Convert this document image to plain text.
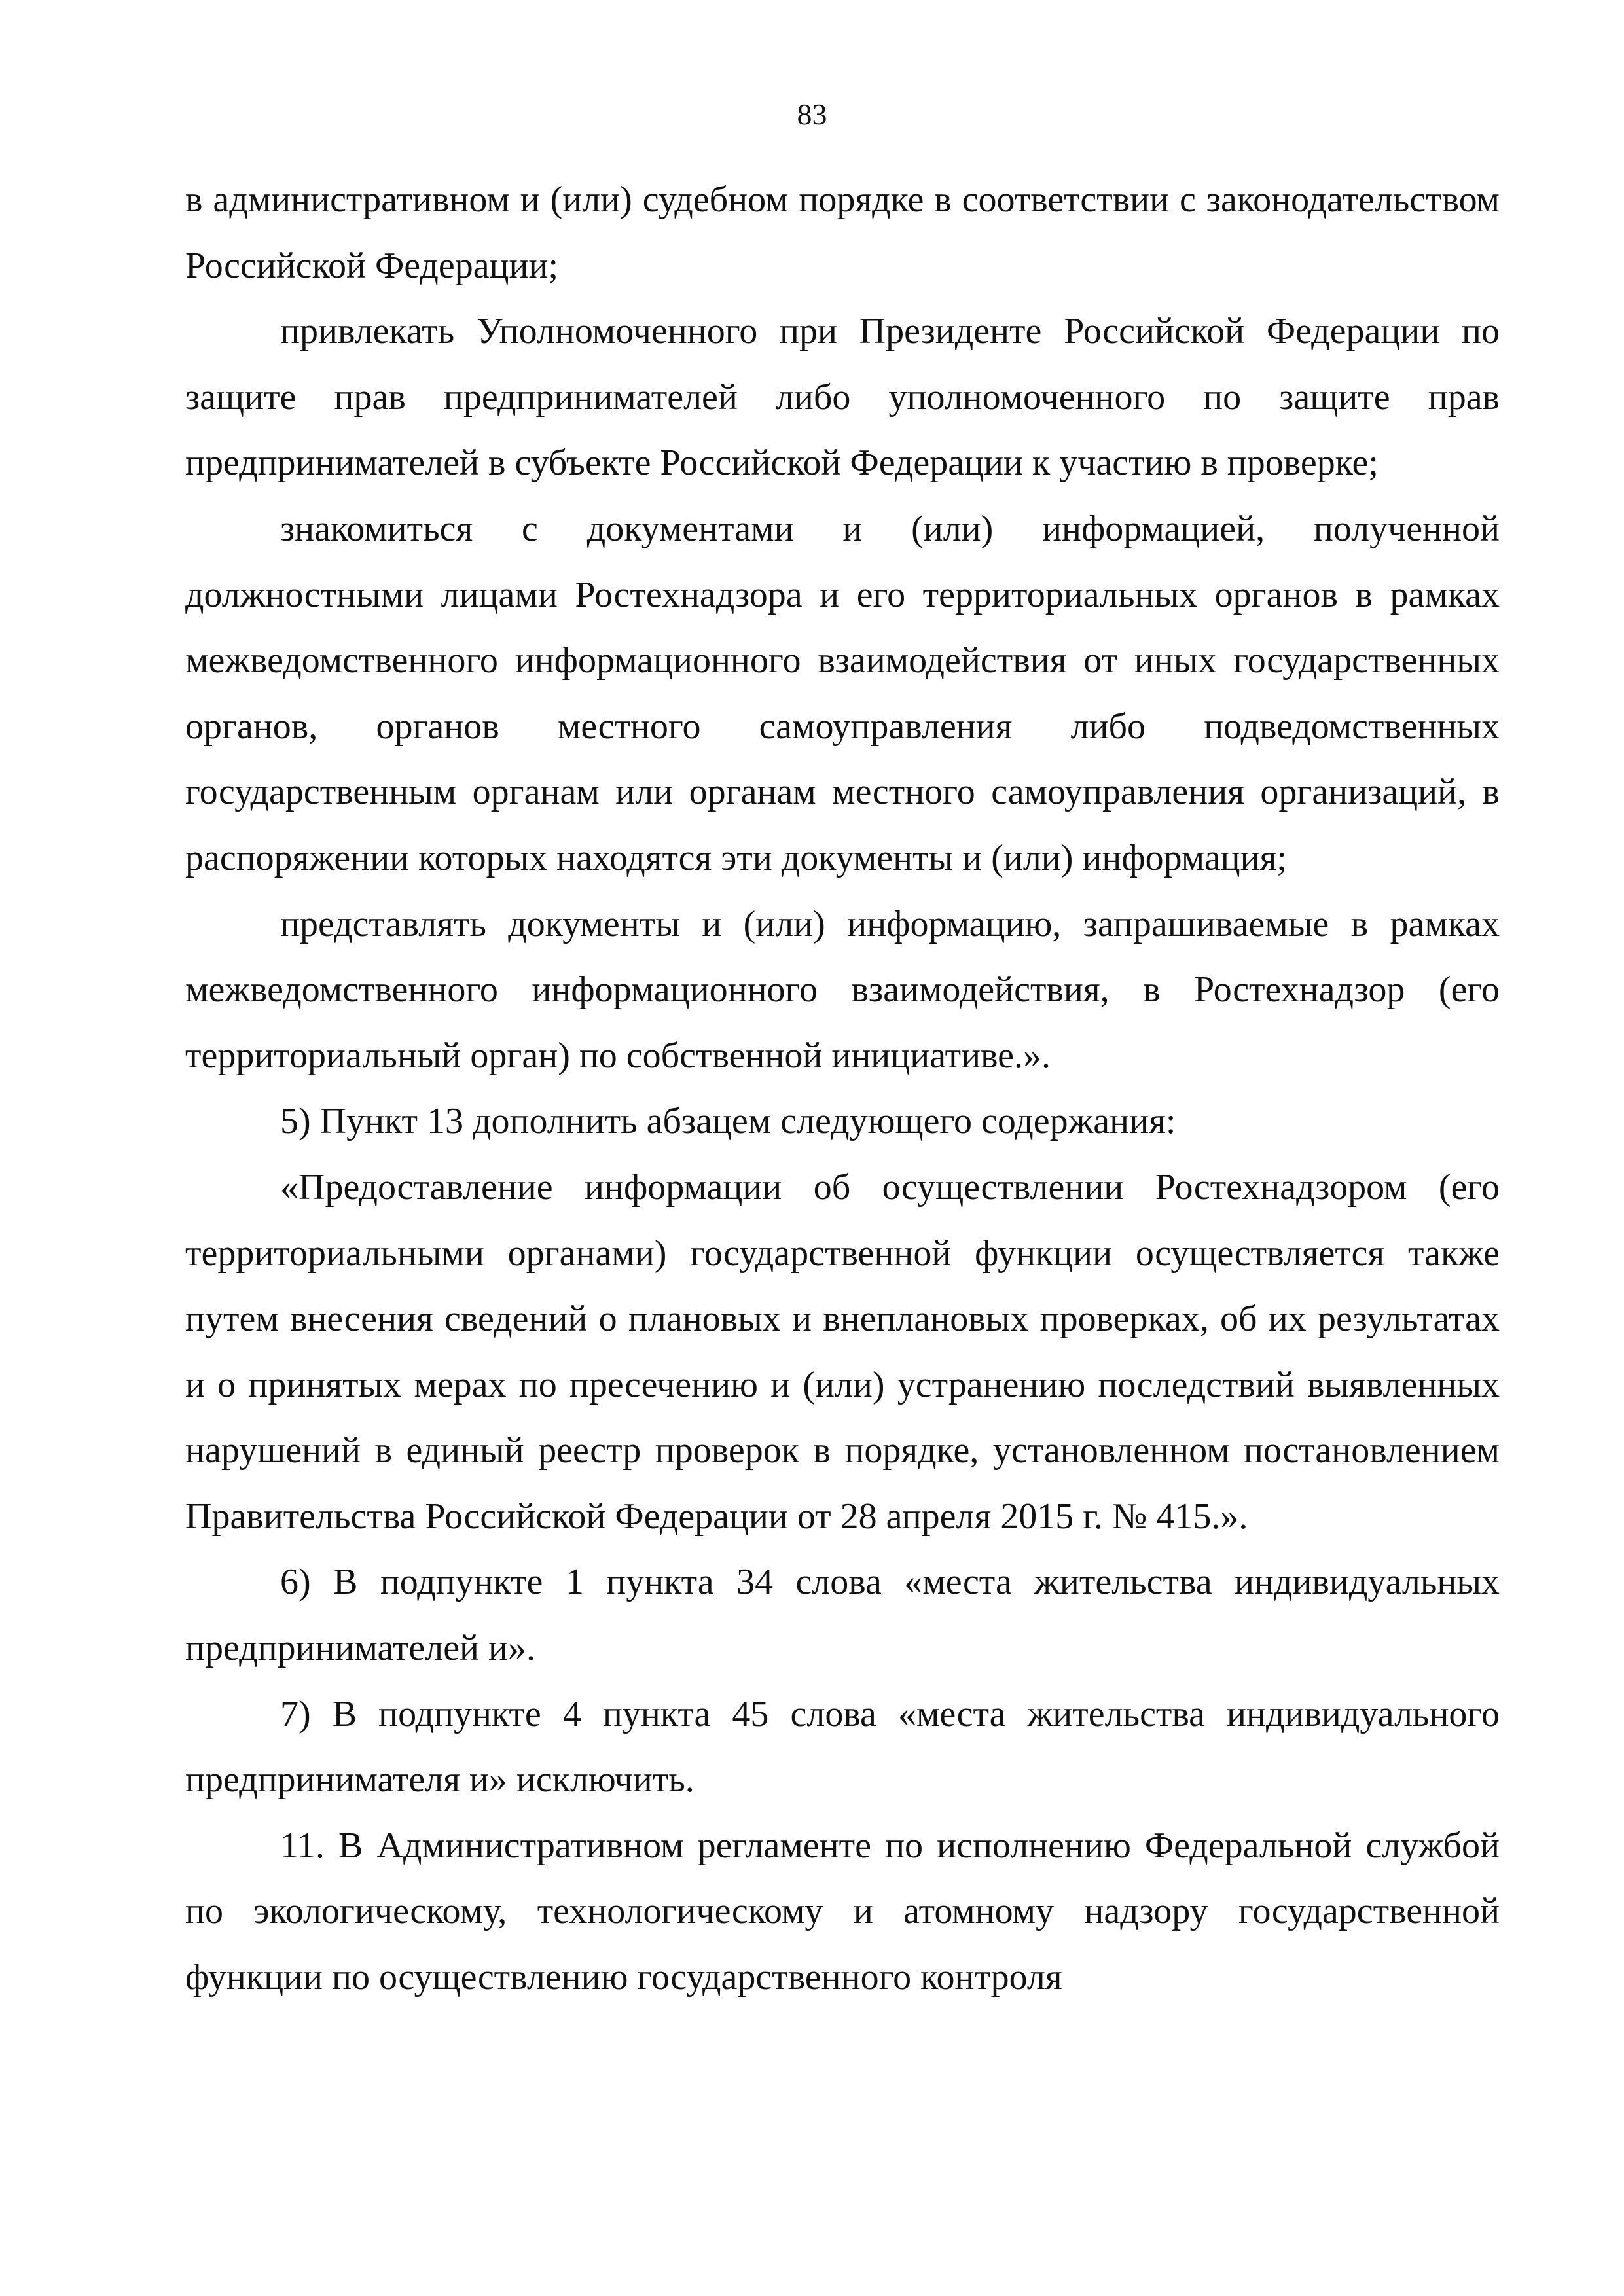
83

в административном и (или) судебном порядке в соответствии с законодательством Российской Федерации;

привлекать Уполномоченного при Президенте Российской Федерации по защите прав предпринимателей либо уполномоченного по защите прав предпринимателей в субъекте Российской Федерации к участию в проверке;

знакомиться с документами и (или) информацией, полученной должностными лицами Ростехнадзора и его территориальных органов в рамках межведомственного информационного взаимодействия от иных государственных органов, органов местного самоуправления либо подведомственных государственным органам или органам местного самоуправления организаций, в распоряжении которых находятся эти документы и (или) информация;

представлять документы и (или) информацию, запрашиваемые в рамках межведомственного информационного взаимодействия, в Ростехнадзор (его территориальный орган) по собственной инициативе.».

5) Пункт 13 дополнить абзацем следующего содержания:

«Предоставление информации об осуществлении Ростехнадзором (его территориальными органами) государственной функции осуществляется также путем внесения сведений о плановых и внеплановых проверках, об их результатах и о принятых мерах по пресечению и (или) устранению последствий выявленных нарушений в единый реестр проверок в порядке, установленном постановлением Правительства Российской Федерации от 28 апреля 2015 г. № 415.».

6) В подпункте 1 пункта 34 слова «места жительства индивидуальных предпринимателей и».

7) В подпункте 4 пункта 45 слова «места жительства индивидуального предпринимателя и» исключить.

11. В Административном регламенте по исполнению Федеральной службой по экологическому, технологическому и атомному надзору государственной функции по осуществлению государственного контроля
